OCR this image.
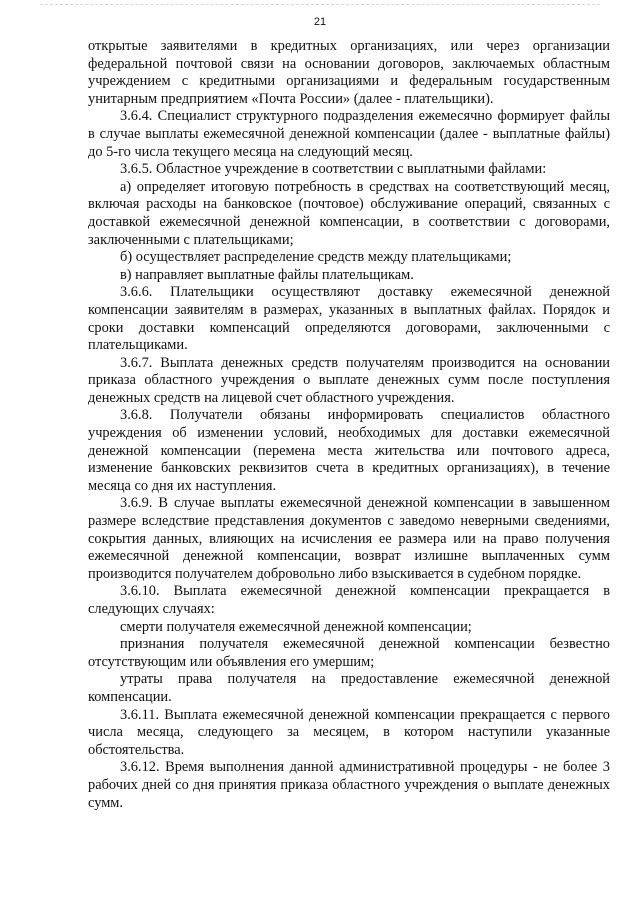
21

открытые заявителями в кредитных организациях, или через организации федеральной почтовой связи на основании договоров, заключаемых областным учреждением с кредитными организациями и федеральным государственным унитарным предприятием «Почта России» (далее - плательщики).

3.6.4. Специалист структурного подразделения ежемесячно формирует файлы в случае выплаты ежемесячной денежной компенсации (далее - выплатные файлы) до 5-го числа текущего месяца на следующий месяц.

3.6.5. Областное учреждение в соответствии с выплатными файлами:

а) определяет итоговую потребность в средствах на соответствующий месяц, включая расходы на банковское (почтовое) обслуживание операций, связанных с доставкой ежемесячной денежной компенсации, в соответствии с договорами, заключенными с плательщиками;

б) осуществляет распределение средств между плательщиками;

в) направляет выплатные файлы плательщикам.

3.6.6. Плательщики осуществляют доставку ежемесячной денежной компенсации заявителям в размерах, указанных в выплатных файлах. Порядок и сроки доставки компенсаций определяются договорами, заключенными с плательщиками.

3.6.7. Выплата денежных средств получателям производится на основании приказа областного учреждения о выплате денежных сумм после поступления денежных средств на лицевой счет областного учреждения.

3.6.8. Получатели обязаны информировать специалистов областного учреждения об изменении условий, необходимых для доставки ежемесячной денежной компенсации (перемена места жительства или почтового адреса, изменение банковских реквизитов счета в кредитных организациях), в течение месяца со дня их наступления.

3.6.9. В случае выплаты ежемесячной денежной компенсации в завышенном размере вследствие представления документов с заведомо неверными сведениями, сокрытия данных, влияющих на исчисления ее размера или на право получения ежемесячной денежной компенсации, возврат излишне выплаченных сумм производится получателем добровольно либо взыскивается в судебном порядке.

3.6.10. Выплата ежемесячной денежной компенсации прекращается в следующих случаях:

смерти получателя ежемесячной денежной компенсации;

признания получателя ежемесячной денежной компенсации безвестно отсутствующим или объявления его умершим;

утраты права получателя на предоставление ежемесячной денежной компенсации.

3.6.11. Выплата ежемесячной денежной компенсации прекращается с первого числа месяца, следующего за месяцем, в котором наступили указанные обстоятельства.

3.6.12. Время выполнения данной административной процедуры - не более 3 рабочих дней со дня принятия приказа областного учреждения о выплате денежных сумм.
